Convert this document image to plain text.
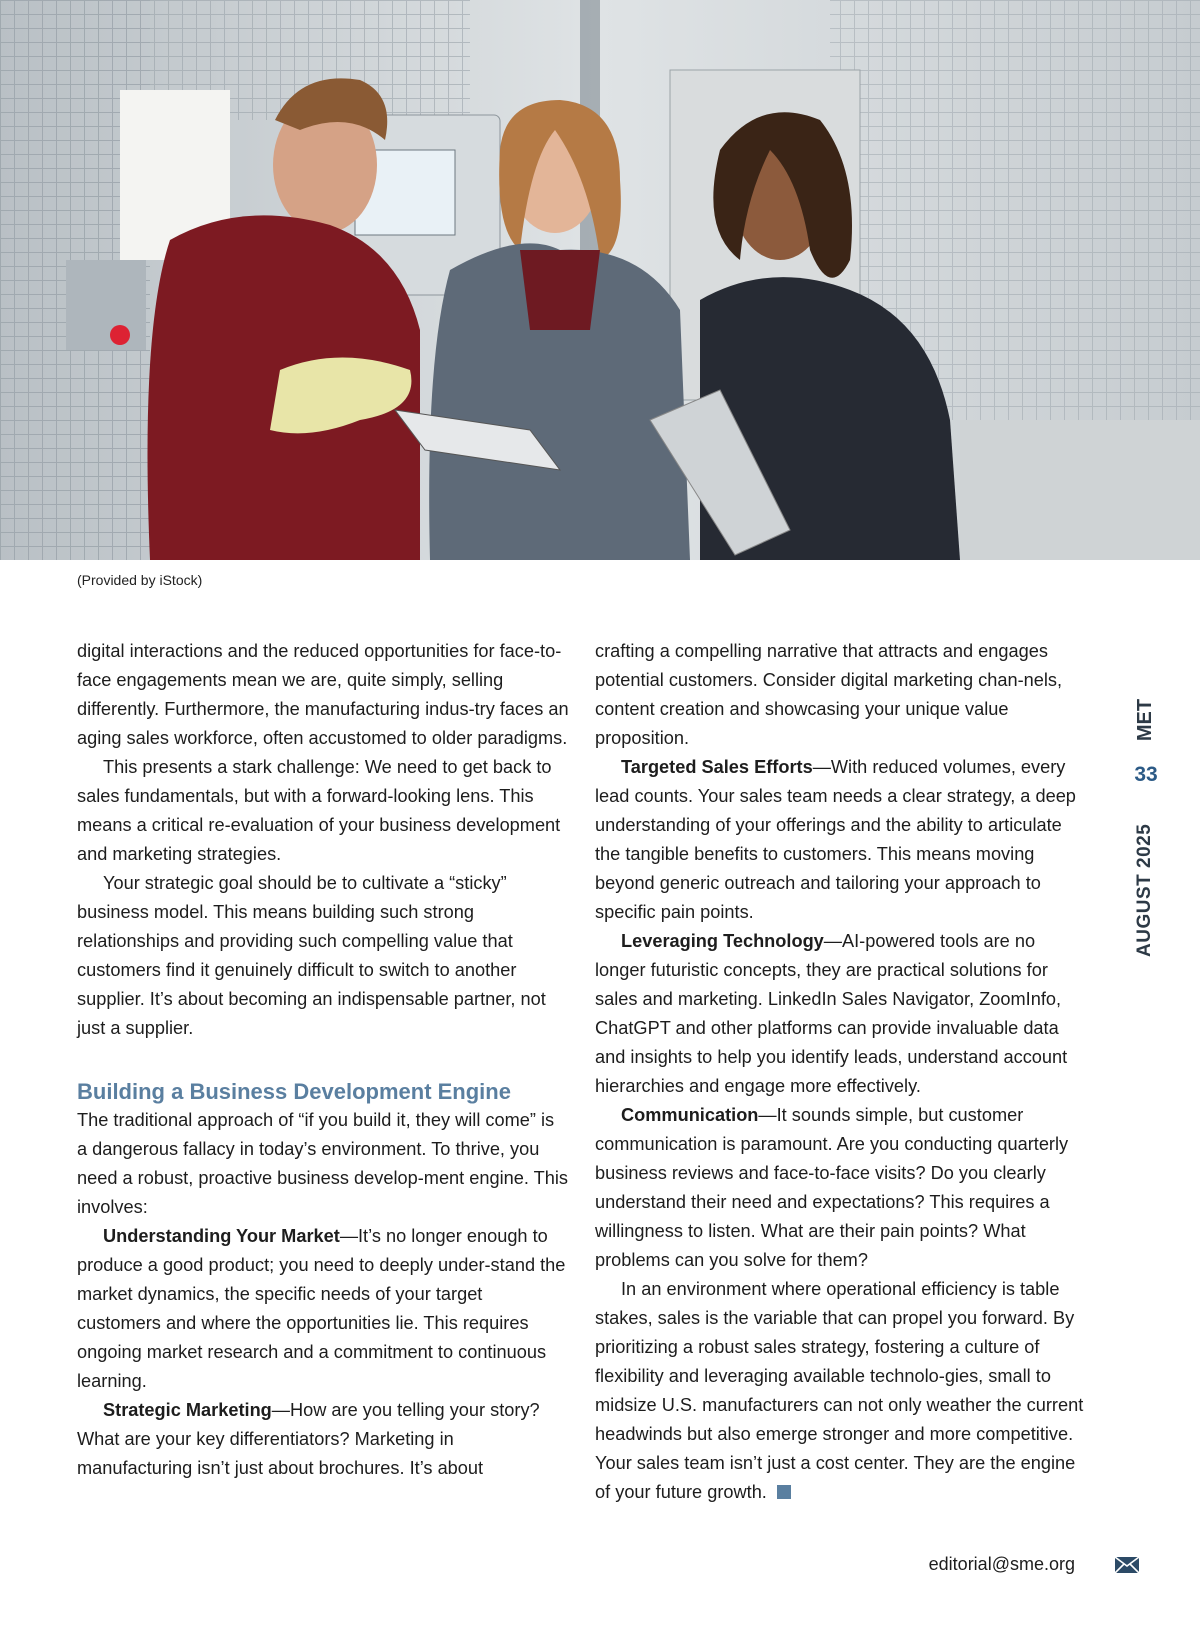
(Provided by iStock)

digital interactions and the reduced opportunities for face-to-face engagements mean we are, quite simply, selling differently. Furthermore, the manufacturing indus-try faces an aging sales workforce, often accustomed to older paradigms.

This presents a stark challenge: We need to get back to sales fundamentals, but with a forward-looking lens. This means a critical re-evaluation of your business development and marketing strategies.

Your strategic goal should be to cultivate a “sticky” business model. This means building such strong relationships and providing such compelling value that customers find it genuinely difficult to switch to another supplier. It’s about becoming an indispensable partner, not just a supplier.

Building a Business Development Engine

The traditional approach of “if you build it, they will come” is a dangerous fallacy in today’s environment. To thrive, you need a robust, proactive business develop-ment engine. This involves:

Understanding Your Market—It’s no longer enough to produce a good product; you need to deeply under-stand the market dynamics, the specific needs of your target customers and where the opportunities lie. This requires ongoing market research and a commitment to continuous learning.

Strategic Marketing—How are you telling your story? What are your key differentiators? Marketing in manufacturing isn’t just about brochures. It’s about

crafting a compelling narrative that attracts and engages potential customers. Consider digital marketing chan-nels, content creation and showcasing your unique value proposition.

Targeted Sales Efforts—With reduced volumes, every lead counts. Your sales team needs a clear strategy, a deep understanding of your offerings and the ability to articulate the tangible benefits to customers. This means moving beyond generic outreach and tailoring your approach to specific pain points.

Leveraging Technology—AI-powered tools are no longer futuristic concepts, they are practical solutions for sales and marketing. LinkedIn Sales Navigator, ZoomInfo, ChatGPT and other platforms can provide invaluable data and insights to help you identify leads, understand account hierarchies and engage more effectively.

Communication—It sounds simple, but customer communication is paramount. Are you conducting quarterly business reviews and face-to-face visits? Do you clearly understand their need and expectations? This requires a willingness to listen. What are their pain points? What problems can you solve for them?

In an environment where operational efficiency is table stakes, sales is the variable that can propel you forward. By prioritizing a robust sales strategy, fostering a culture of flexibility and leveraging available technolo-gies, small to midsize U.S. manufacturers can not only weather the current headwinds but also emerge stronger and more competitive. Your sales team isn’t just a cost center. They are the engine of your future growth.

MET
33
AUGUST 2025
editorial@sme.org
